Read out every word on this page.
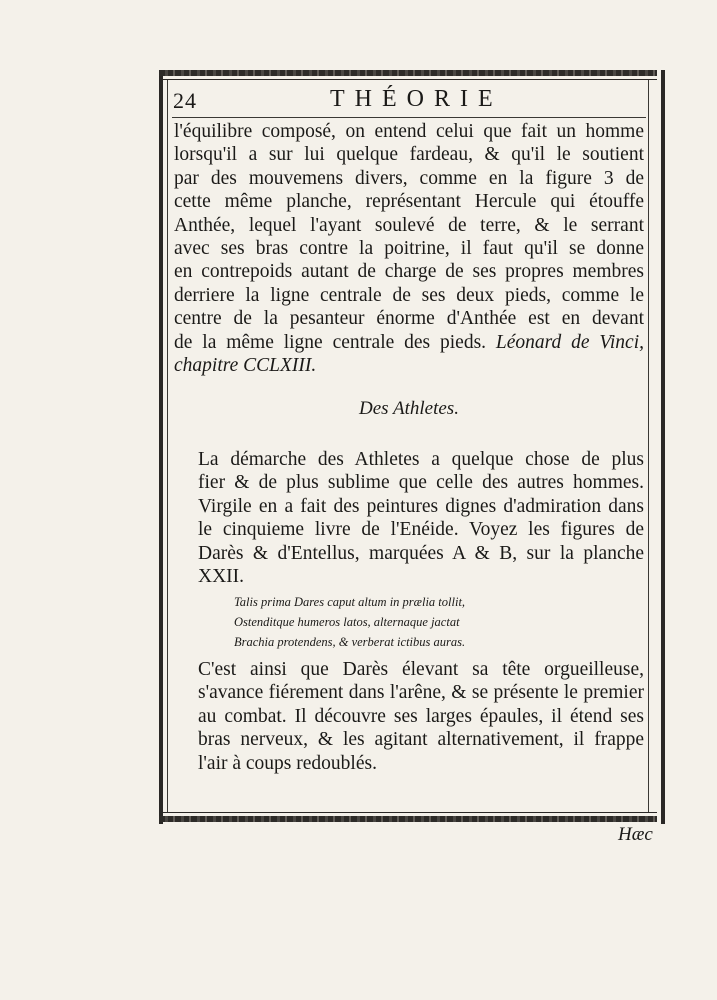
24	THÉORIE
l'équilibre composé, on entend celui que fait un homme
lorsqu'il a sur lui quelque fardeau, & qu'il le soutient
par des mouvemens divers, comme en la figure 3 de
cette même planche, représentant Hercule qui étouffe
Anthée, lequel l'ayant soulevé de terre, & le serrant
avec ses bras contre la poitrine, il faut qu'il se donne
en contrepoids autant de charge de ses propres membres
derriere la ligne centrale de ses deux pieds, comme le
centre de la pesanteur énorme d'Anthée est en devant
de la même ligne centrale des pieds. Léonard de Vinci,
chapitre CCLXIII.
Des Athletes.
La démarche des Athletes a quelque chose de plus
fier & de plus sublime que celle des autres hommes.
Virgile en a fait des peintures dignes d'admiration dans
le cinquieme livre de l'Enéide. Voyez les figures de
Darès & d'Entellus, marquées A & B, sur la planche
XXII.
Talis prima Dares caput altum in prælia tollit,
Ostenditque humeros latos, alternaque jactat
Brachia protendens, & verberat ictibus auras.
C'est ainsi que Darès élevant sa tête orgueilleuse,
s'avance fiérement dans l'arêne, & se présente le premier
au combat. Il découvre ses larges épaules, il étend ses
bras nerveux, & les agitant alternativement, il frappe
l'air à coups redoublés.
Hæc
